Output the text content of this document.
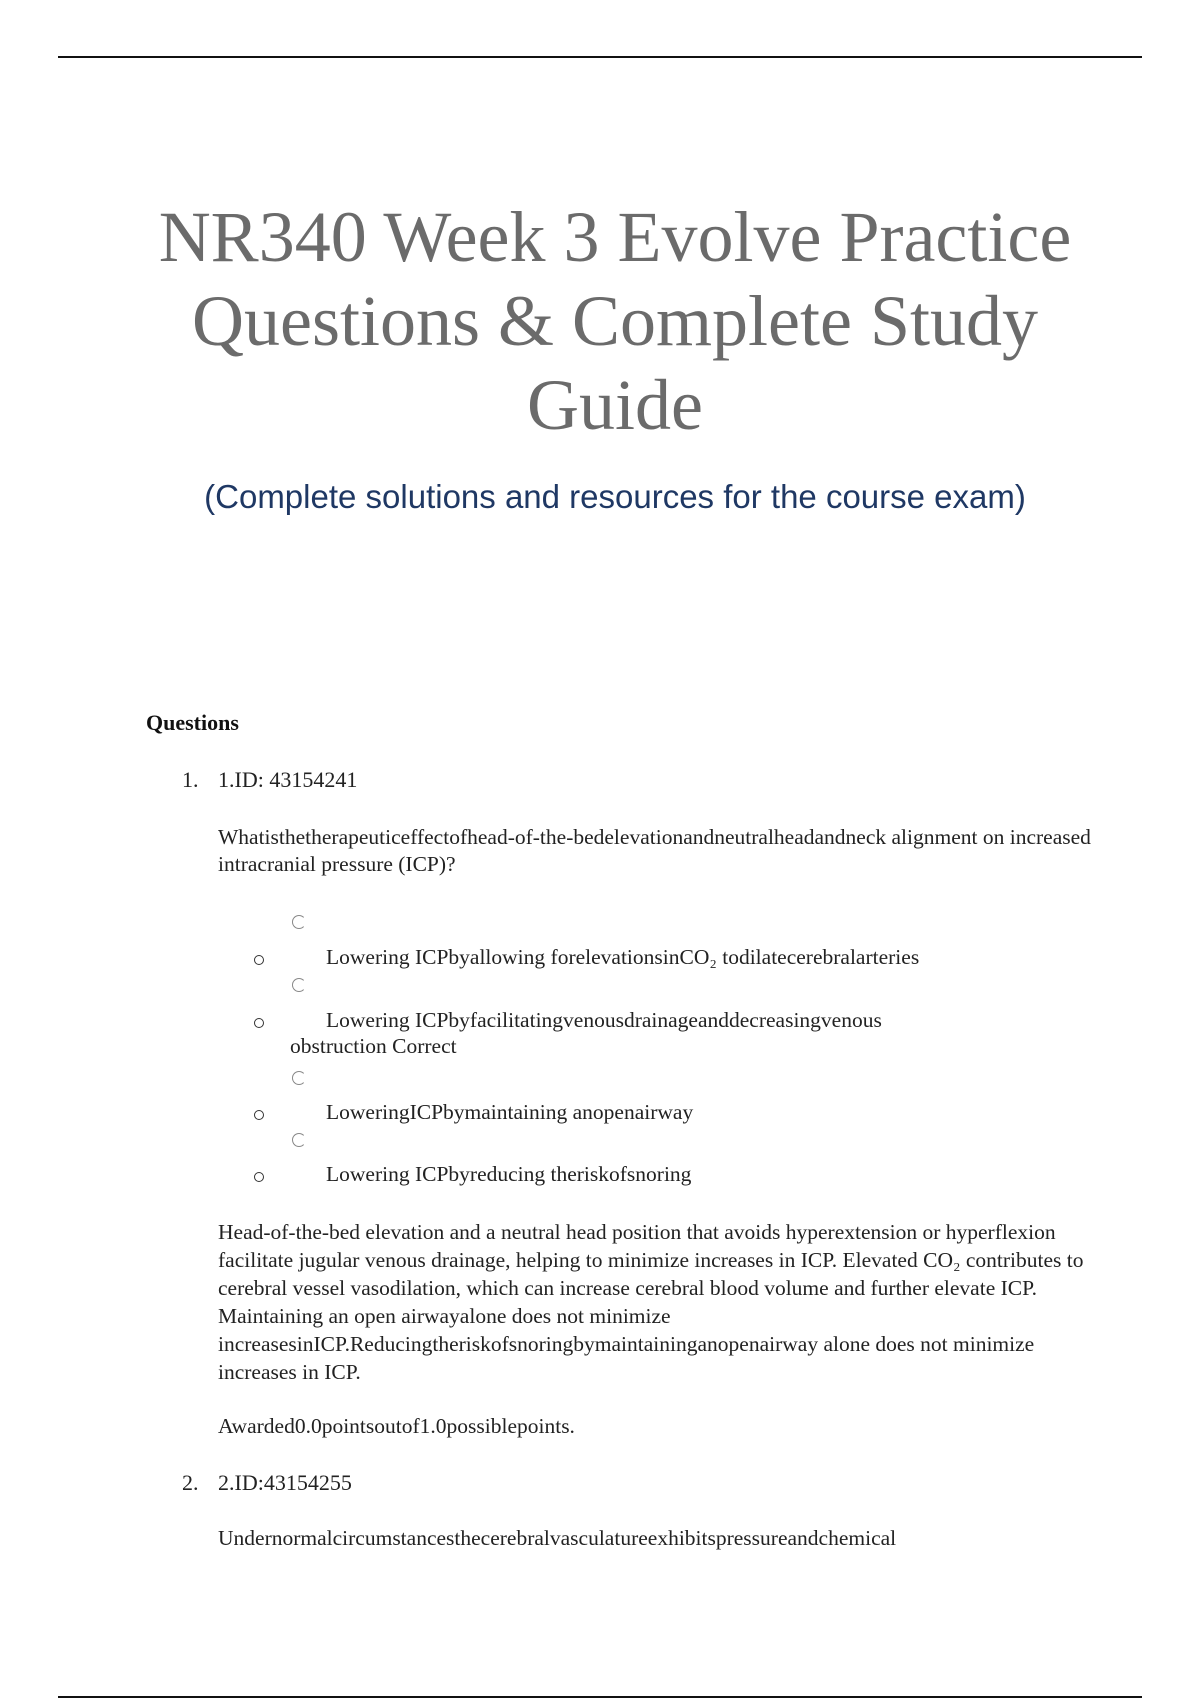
NR340 Week 3 Evolve Practice Questions & Complete Study Guide
(Complete solutions and resources for the course exam)
Questions
1. 1.ID: 43154241
Whatisthetherapeuticeffectofhead-of-the-bedelevationandneutralheadandneck alignment on increased intracranial pressure (ICP)?
Lowering ICPbyallowing forelevationsinCO₂ todilatecerebralarteries
Lowering ICPbyfacilitatingvenousdrainageanddecreasingvenous
obstruction Correct
LoweringICPbymaintaining anopenairway
Lowering ICPbyreducing theriskofsnoring
Head-of-the-bed elevation and a neutral head position that avoids hyperextension or hyperflexion facilitate jugular venous drainage, helping to minimize increases in ICP. Elevated CO₂ contributes to cerebral vessel vasodilation, which can increase cerebral blood volume and further elevate ICP. Maintaining an open airwayalone does not minimize increasesinICP.Reducingtheriskofsnoringbymaintaininganopenairway alone does not minimize increases in ICP.
Awarded0.0pointsoutof1.0possiblepoints.
2. 2.ID:43154255
Undernormalcircumstancesthecerebralvasculatureexhibitspressureandchemical
